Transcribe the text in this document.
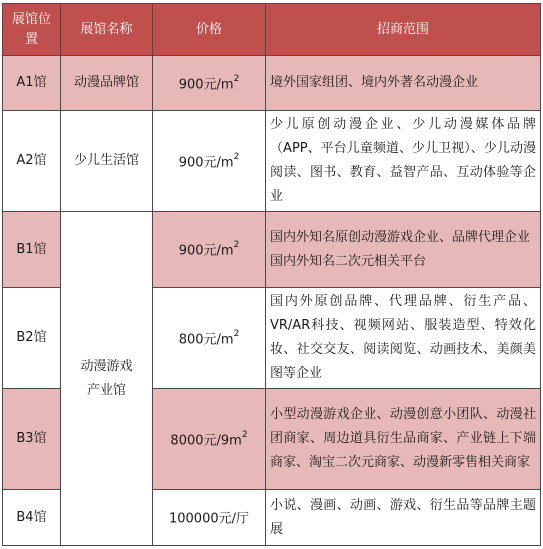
展馆位置	展馆名称	价格	招商范围
A1馆	动漫品牌馆	900元$/m^2$	境外国家组团、境内外著名动漫企业

A2馆	少儿生活馆	900元$/m^2$	少儿原创动漫企业、少儿动漫媒体品牌（APP、平台儿童频道、少儿卫视）、少儿动漫阅读、图书、教育、益智产品、互动体验等企业

B1馆	动漫游戏产业馆	900元$/m^2$	国内外知名原创动漫游戏企业、品牌代理企业
国内外知名二次元相关平台

B2馆		800元$/m^2$	国内外原创品牌、代理品牌、衍生产品、VR/AR科技、视频网站、服装造型、特效化妆、社交交友、阅读阅览、动画技术、美颜美图等企业

B3馆		8000元$/9m^2$	小型动漫游戏企业、动漫创意小团队、动漫社团商家、周边道具衍生品商家、产业链上下端商家、淘宝二次元商家、动漫新零售相关商家

B4馆		100000元/厅	小说、漫画、动画、游戏、衍生品等品牌主题展
